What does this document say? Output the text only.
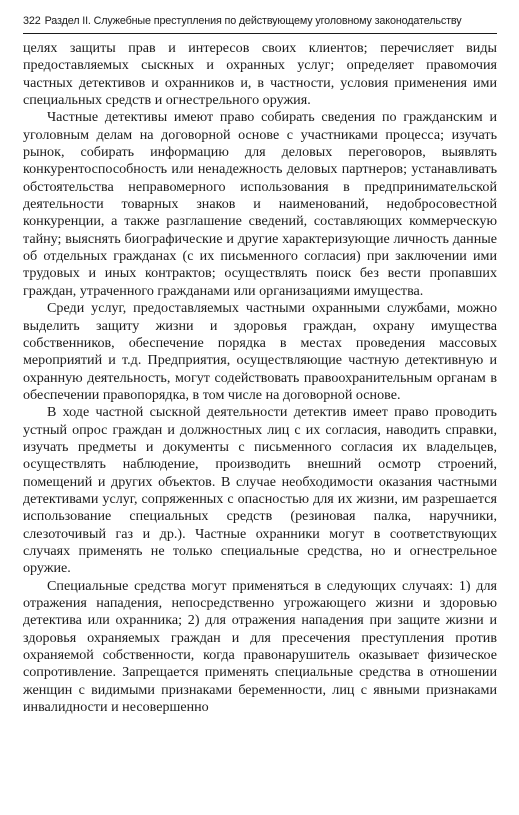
322 Раздел II. Служебные преступления по действующему уголовному законодательству

целях защиты прав и интересов своих клиентов; перечисляет виды предоставляемых сыскных и охранных услуг; определяет правомочия частных детективов и охранников и, в частности, условия применения ими специальных средств и огнестрельного оружия.

Частные детективы имеют право собирать сведения по гражданским и уголовным делам на договорной основе с участниками процесса; изучать рынок, собирать информацию для деловых переговоров, выявлять конкурентоспособность или ненадежность деловых партнеров; устанавливать обстоятельства неправомерного использования в предпринимательской деятельности товарных знаков и наименований, недобросовестной конкуренции, а также разглашение сведений, составляющих коммерческую тайну; выяснять биографические и другие характеризующие личность данные об отдельных гражданах (с их письменного согласия) при заключении ими трудовых и иных контрактов; осуществлять поиск без вести пропавших граждан, утраченного гражданами или организациями имущества.

Среди услуг, предоставляемых частными охранными службами, можно выделить защиту жизни и здоровья граждан, охрану имущества собственников, обеспечение порядка в местах проведения массовых мероприятий и т.д. Предприятия, осуществляющие частную детективную и охранную деятельность, могут содействовать правоохранительным органам в обеспечении правопорядка, в том числе на договорной основе.

В ходе частной сыскной деятельности детектив имеет право проводить устный опрос граждан и должностных лиц с их согласия, наводить справки, изучать предметы и документы с письменного согласия их владельцев, осуществлять наблюдение, производить внешний осмотр строений, помещений и других объектов. В случае необходимости оказания частными детективами услуг, сопряженных с опасностью для их жизни, им разрешается использование специальных средств (резиновая палка, наручники, слезоточивый газ и др.). Частные охранники могут в соответствующих случаях применять не только специальные средства, но и огнестрельное оружие.

Специальные средства могут применяться в следующих случаях: 1) для отражения нападения, непосредственно угрожающего жизни и здоровью детектива или охранника; 2) для отражения нападения при защите жизни и здоровья охраняемых граждан и для пресечения преступления против охраняемой собственности, когда правонарушитель оказывает физическое сопротивление. Запрещается применять специальные средства в отношении женщин с видимыми признаками беременности, лиц с явными признаками инвалидности и несовершенно
